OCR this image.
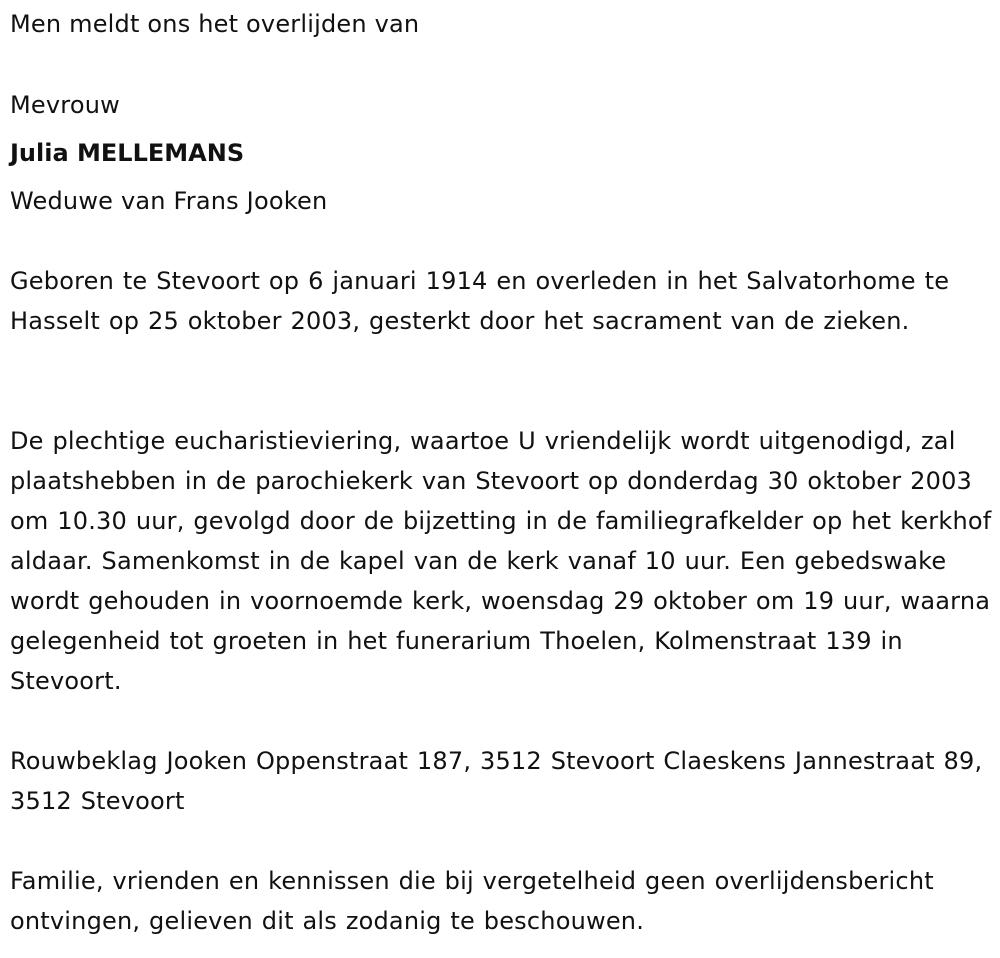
Men meldt ons het overlijden van
Mevrouw
Julia MELLEMANS
Weduwe van Frans Jooken
Geboren te Stevoort op 6 januari 1914 en overleden in het Salvatorhome te Hasselt op 25 oktober 2003, gesterkt door het sacrament van de zieken.
De plechtige eucharistieviering, waartoe U vriendelijk wordt uitgenodigd, zal plaatshebben in de parochiekerk van Stevoort op donderdag 30 oktober 2003 om 10.30 uur, gevolgd door de bijzetting in de familiegrafkelder op het kerkhof aldaar. Samenkomst in de kapel van de kerk vanaf 10 uur. Een gebedswake wordt gehouden in voornoemde kerk, woensdag 29 oktober om 19 uur, waarna gelegenheid tot groeten in het funerarium Thoelen, Kolmenstraat 139 in Stevoort.
Rouwbeklag Jooken Oppenstraat 187, 3512 Stevoort Claeskens Jannestraat 89, 3512 Stevoort
Familie, vrienden en kennissen die bij vergetelheid geen overlijdensbericht ontvingen, gelieven dit als zodanig te beschouwen.
